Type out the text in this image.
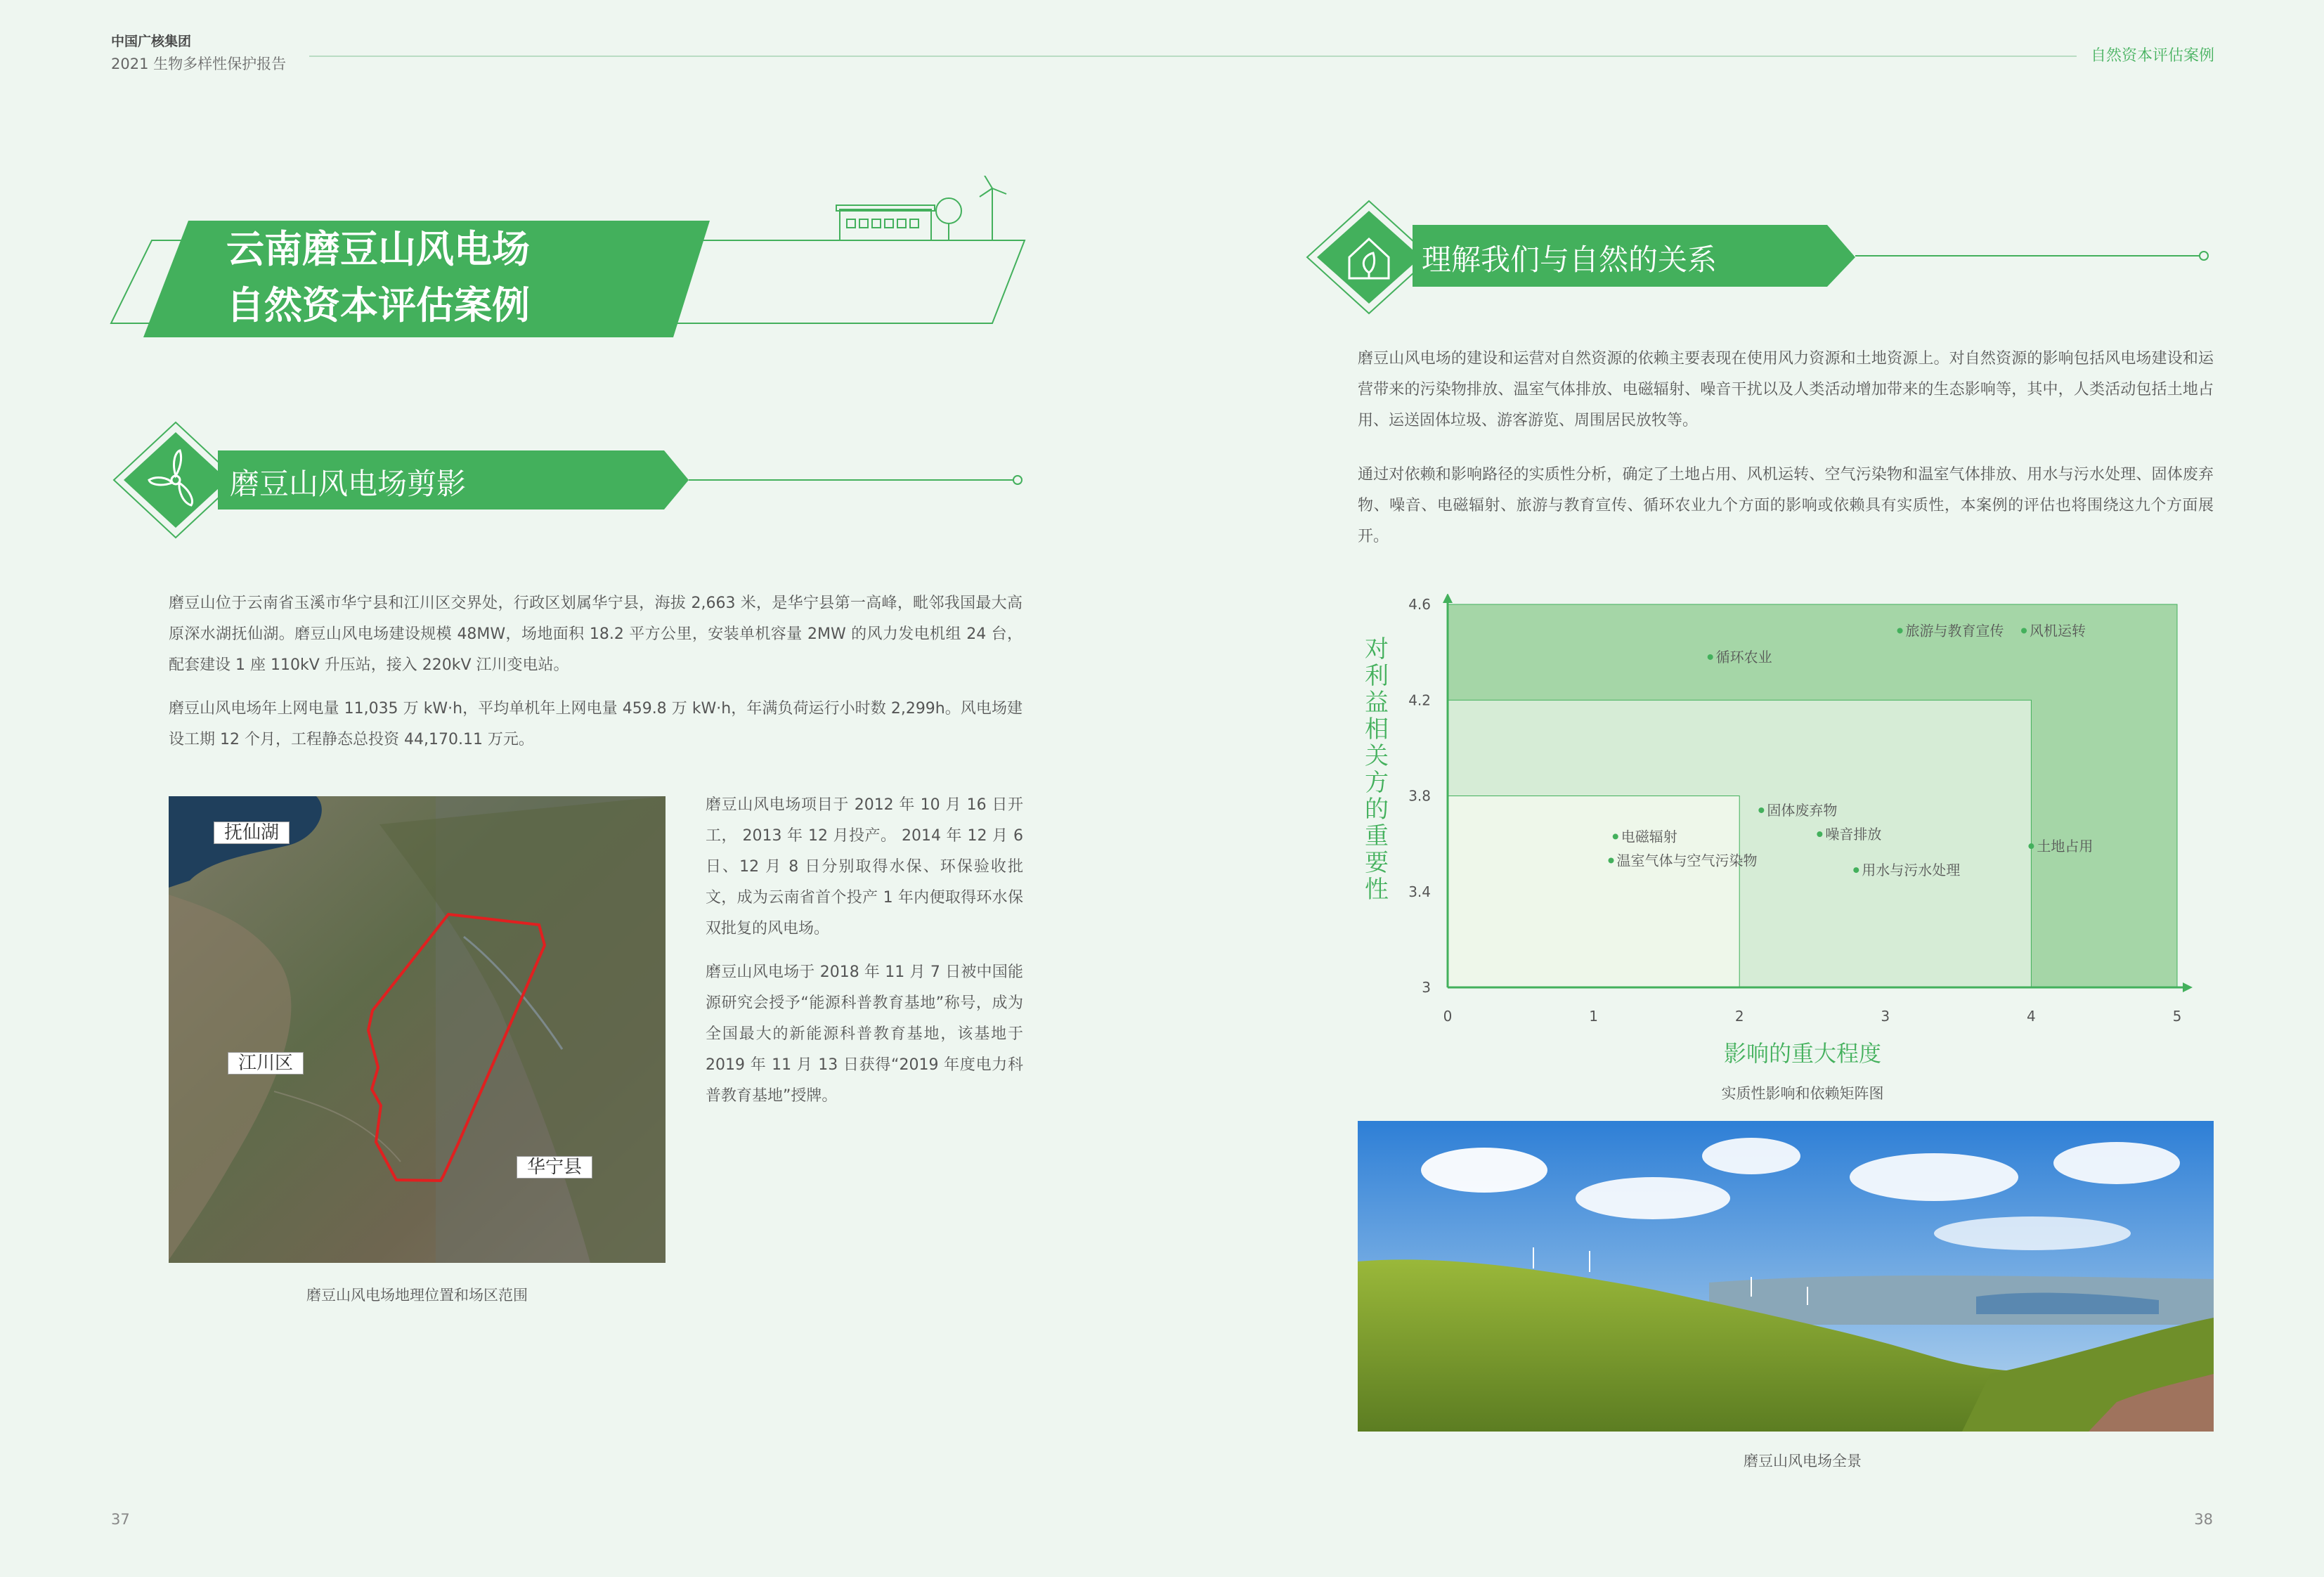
中国广核集团
2021 生物多样性保护报告	自然资本评估案例
云南磨豆山风电场
自然资本评估案例
磨豆山风电场剪影
磨豆山位于云南省玉溪市华宁县和江川区交界处，行政区划属华宁县，海拔 2,663 米，是华宁县第一高峰，毗邻我国最大高原深水湖抚仙湖。磨豆山风电场建设规模 48MW，场地面积 18.2 平方公里，安装单机容量 2MW 的风力发电机组 24 台，配套建设 1 座 110kV 升压站，接入 220kV 江川变电站。
磨豆山风电场年上网电量 11,035 万 kW·h，平均单机年上网电量 459.8 万 kW·h，年满负荷运行小时数 2,299h。风电场建设工期 12 个月，工程静态总投资 44,170.11 万元。
抚仙湖
江川区
华宁县
磨豆山风电场地理位置和场区范围
磨豆山风电场项目于 2012 年 10 月 16 日开工， 2013 年 12 月投产。 2014 年 12 月 6 日、12 月 8 日分别取得水保、环保验收批文，成为云南省首个投产 1 年内便取得环水保双批复的风电场。
磨豆山风电场于 2018 年 11 月 7 日被中国能源研究会授予“能源科普教育基地”称号，成为全国最大的新能源科普教育基地，该基地于 2019 年 11 月 13 日获得“2019 年度电力科普教育基地”授牌。
理解我们与自然的关系
磨豆山风电场的建设和运营对自然资源的依赖主要表现在使用风力资源和土地资源上。对自然资源的影响包括风电场建设和运营带来的污染物排放、温室气体排放、电磁辐射、噪音干扰以及人类活动增加带来的生态影响等，其中，人类活动包括土地占用、运送固体垃圾、游客游览、周围居民放牧等。
通过对依赖和影响路径的实质性分析，确定了土地占用、风机运转、空气污染物和温室气体排放、用水与污水处理、固体废弃物、噪音、电磁辐射、旅游与教育宣传、循环农业九个方面的影响或依赖具有实质性，本案例的评估也将围绕这九个方面展开。
旅游与教育宣传 风机运转
循环农业
固体废弃物
噪音排放
电磁辐射
土地占用
温室气体与空气污染物
用水与污水处理
0	1	2	3	4	5
3
3.4
3.8
4.2
4.6
对
利
益
相
关
方
的
重
要
性
影响的重大程度
实质性影响和依赖矩阵图
磨豆山风电场全景
37	38
